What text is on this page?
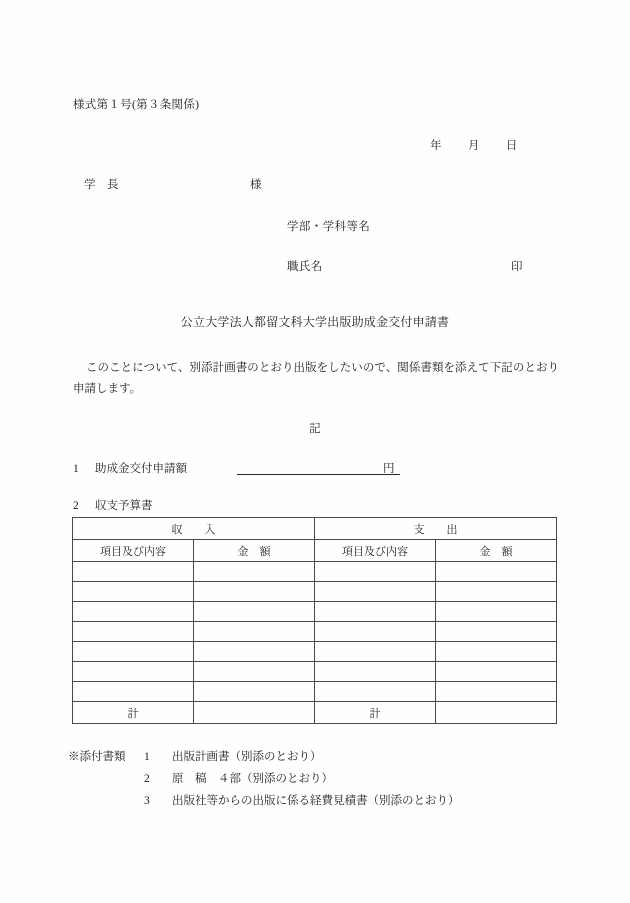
様式第１号(第３条関係)
年 月 日
学　長	様
学部・学科等名
職氏名	印
公立大学法人都留文科大学出版助成金交付申請書
このことについて、別添計画書のとおり出版をしたいので、関係書類を添えて下記のとおり申請します。
記
1 助成金交付申請額	円
2 収支予算書
収　　入		支　　出	
項目及び内容	金　額	項目及び内容	金　額

計		計	
※添付書類 1 出版計画書（別添のとおり）
2 原　稿　４部（別添のとおり）
3 出版社等からの出版に係る経費見積書（別添のとおり）
